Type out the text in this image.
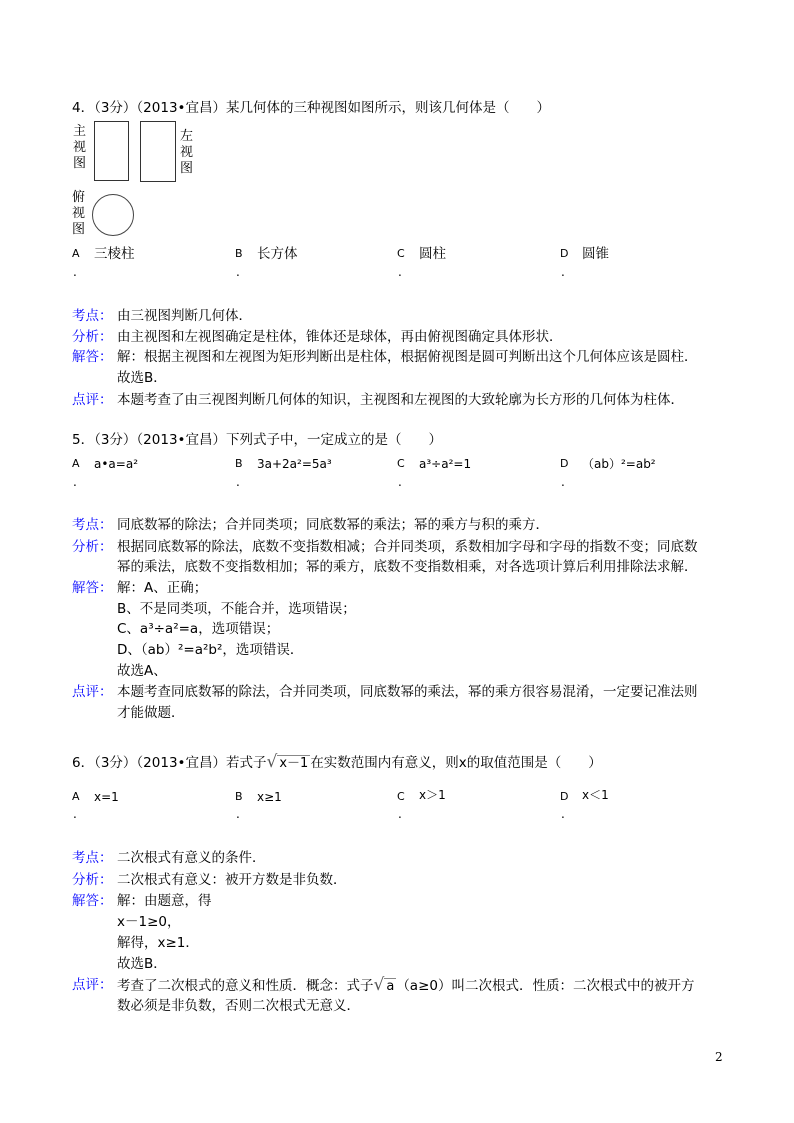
4．（3分）（2013•宜昌）某几何体的三种视图如图所示，则该几何体是（　　）
主视图
左视图
俯视图
A 三棱柱	B 长方体	C 圆柱	D 圆锥
.	.	.	.
考点： 由三视图判断几何体．
分析： 由主视图和左视图确定是柱体，锥体还是球体，再由俯视图确定具体形状．
解答： 解：根据主视图和左视图为矩形判断出是柱体，根据俯视图是圆可判断出这个几何体应该是圆柱．
故选B．
点评： 本题考查了由三视图判断几何体的知识，主视图和左视图的大致轮廓为长方形的几何体为柱体．
5．（3分）（2013•宜昌）下列式子中，一定成立的是（　　）
A a•a=a²	B 3a+2a²=5a³	C a³÷a²=1	D （ab）²=ab²
.	.	.	.
考点： 同底数幂的除法；合并同类项；同底数幂的乘法；幂的乘方与积的乘方．
分析： 根据同底数幂的除法，底数不变指数相减；合并同类项，系数相加字母和字母的指数不变；同底数
幂的乘法，底数不变指数相加；幂的乘方，底数不变指数相乘，对各选项计算后利用排除法求解．
解答： 解：A、正确；
B、不是同类项，不能合并，选项错误；
C、a³÷a²=a，选项错误；
D、（ab）²=a²b²，选项错误．
故选A、
点评： 本题考查同底数幂的除法，合并同类项，同底数幂的乘法，幂的乘方很容易混淆，一定要记准法则
才能做题．
6．（3分）（2013•宜昌）若式子√ x－1 在实数范围内有意义，则x的取值范围是（　　）
A x=1	B x≥1	C x＞1	D x＜1
.	.	.	.
考点： 二次根式有意义的条件．
分析： 二次根式有意义：被开方数是非负数．
解答： 解：由题意，得
x－1≥0，
解得，x≥1．
故选B．
点评： 考查了二次根式的意义和性质．概念：式子√ a （a≥0）叫二次根式．性质：二次根式中的被开方
数必须是非负数，否则二次根式无意义．
2
